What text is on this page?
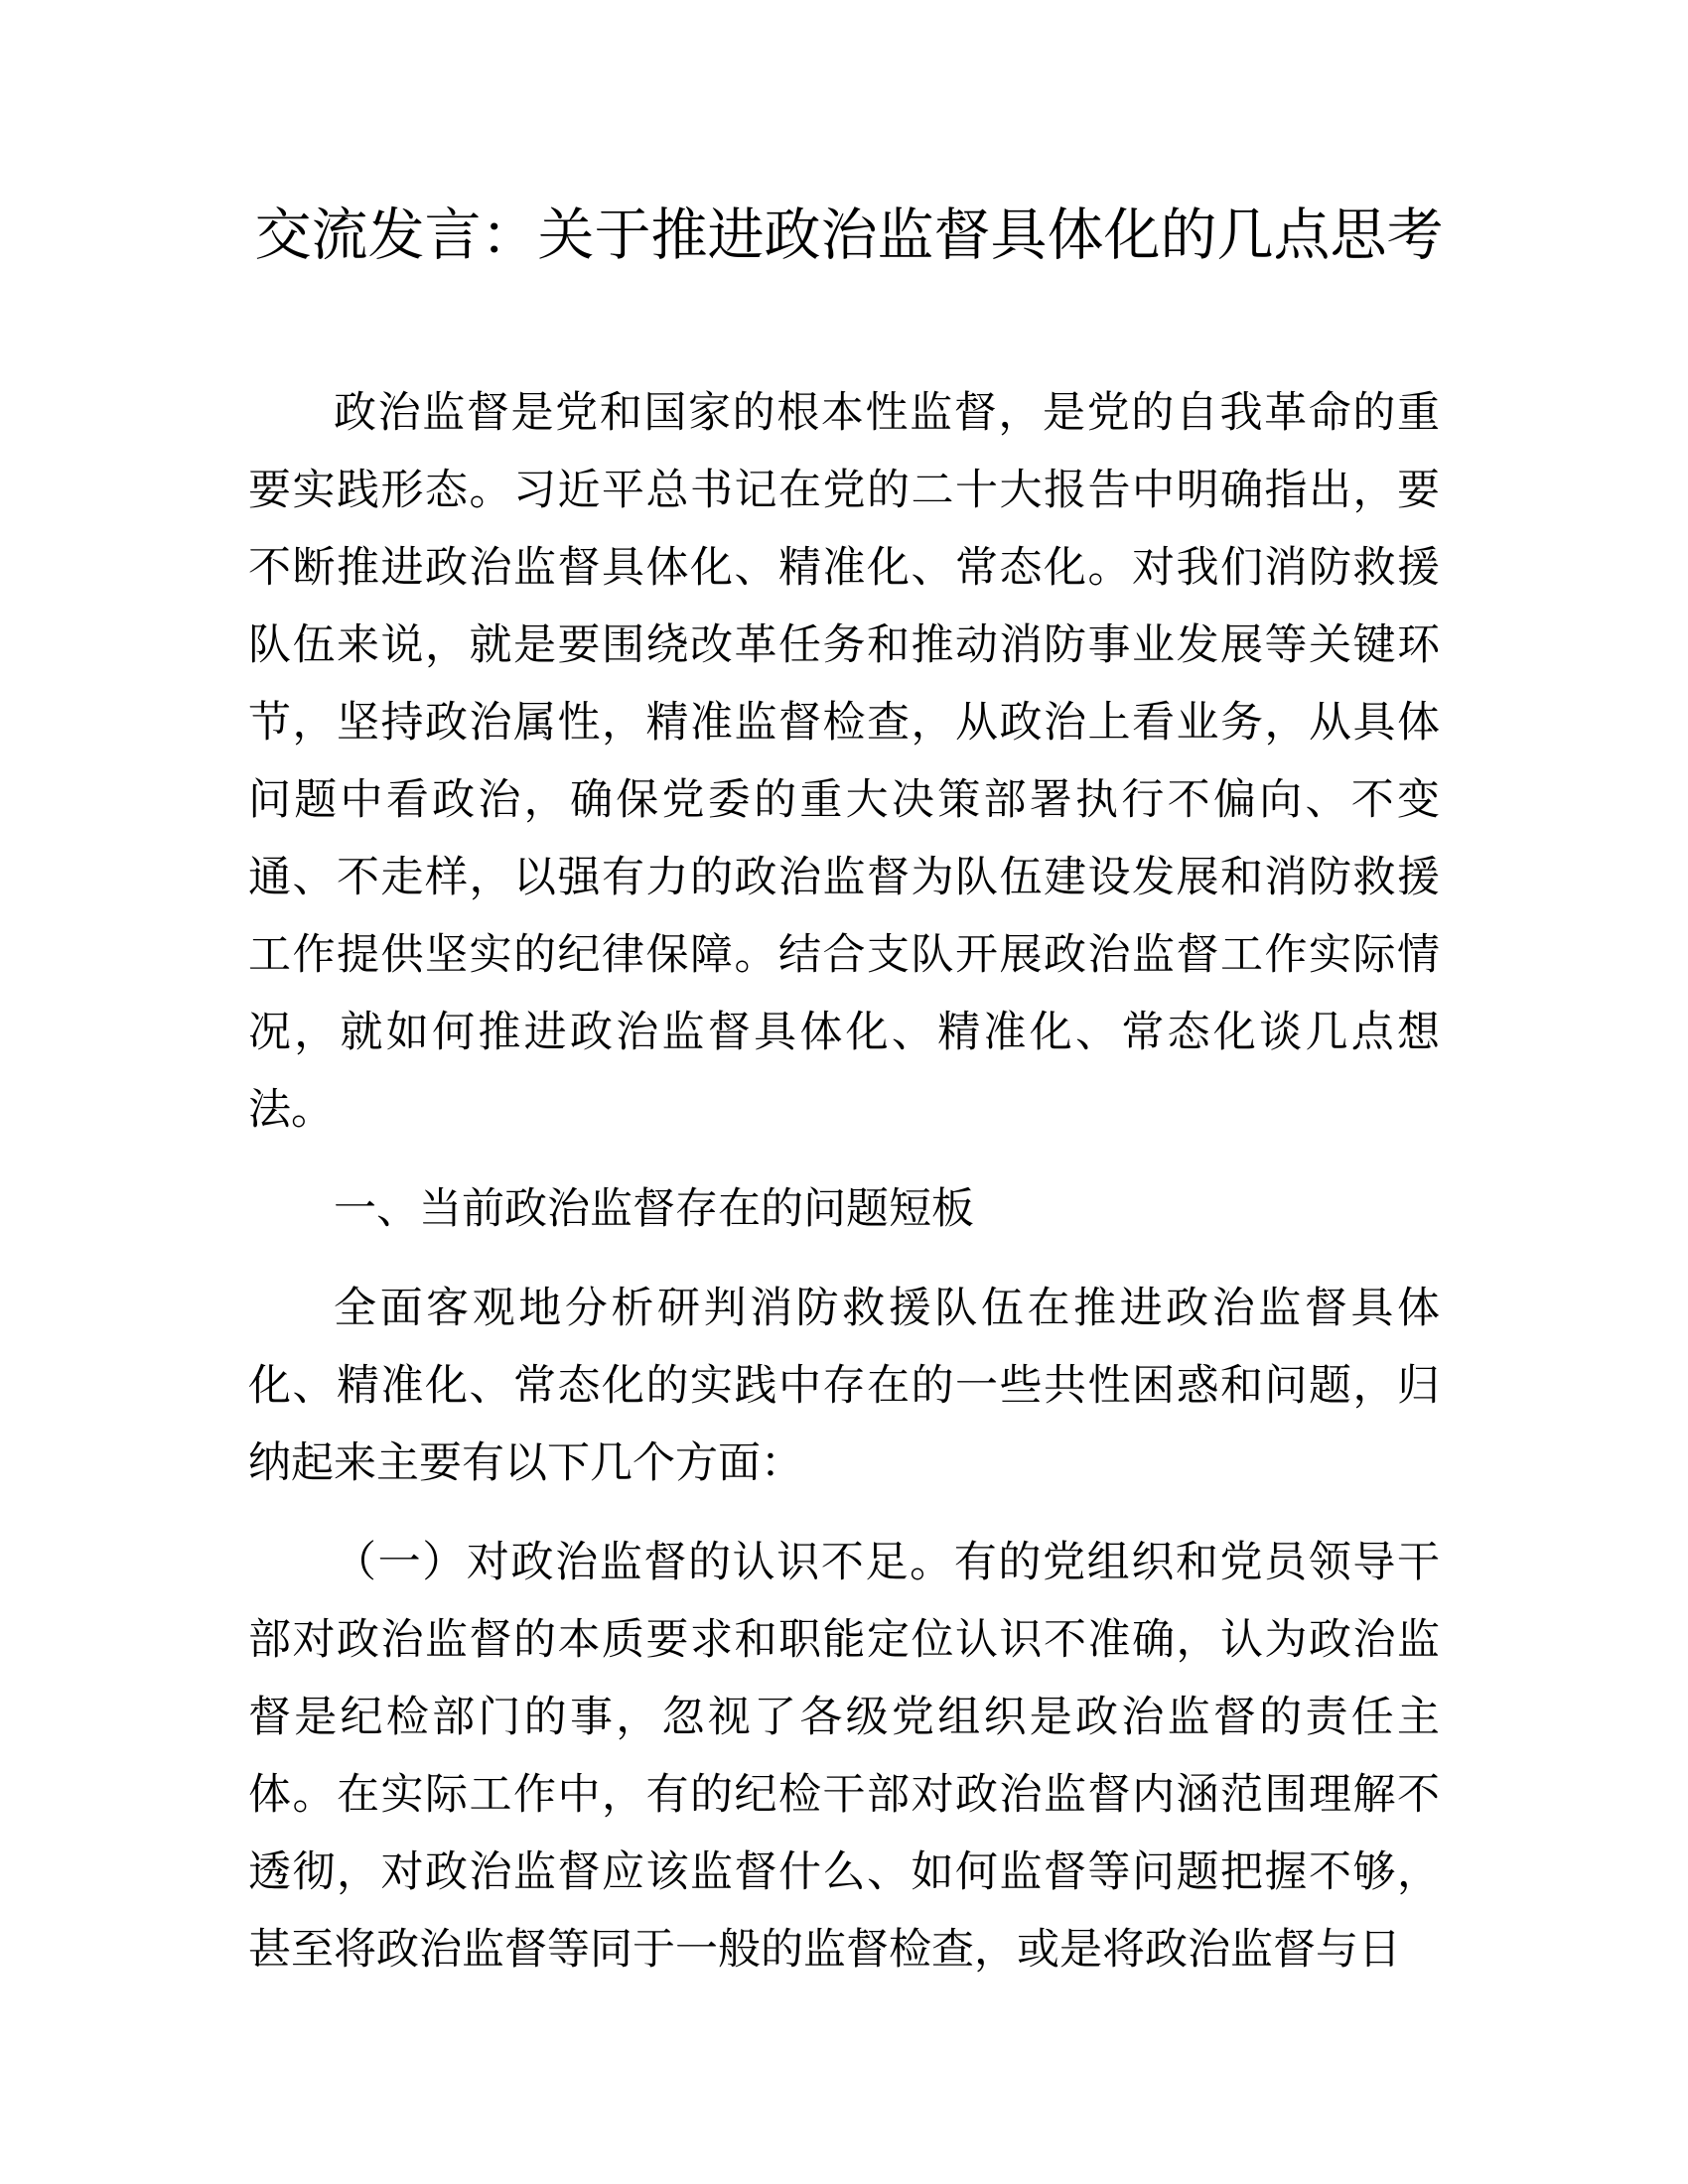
交流发言：关于推进政治监督具体化的几点思考

政治监督是党和国家的根本性监督，是党的自我革命的重要实践形态。习近平总书记在党的二十大报告中明确指出，要不断推进政治监督具体化、精准化、常态化。对我们消防救援队伍来说，就是要围绕改革任务和推动消防事业发展等关键环节，坚持政治属性，精准监督检查，从政治上看业务，从具体问题中看政治，确保党委的重大决策部署执行不偏向、不变通、不走样，以强有力的政治监督为队伍建设发展和消防救援工作提供坚实的纪律保障。结合支队开展政治监督工作实际情况，就如何推进政治监督具体化、精准化、常态化谈几点想法。

一、当前政治监督存在的问题短板

全面客观地分析研判消防救援队伍在推进政治监督具体化、精准化、常态化的实践中存在的一些共性困惑和问题，归纳起来主要有以下几个方面：

（一）对政治监督的认识不足。有的党组织和党员领导干部对政治监督的本质要求和职能定位认识不准确，认为政治监督是纪检部门的事，忽视了各级党组织是政治监督的责任主体。在实际工作中，有的纪检干部对政治监督内涵范围理解不透彻，对政治监督应该监督什么、如何监督等问题把握不够，甚至将政治监督等同于一般的监督检查，或是将政治监督与日
